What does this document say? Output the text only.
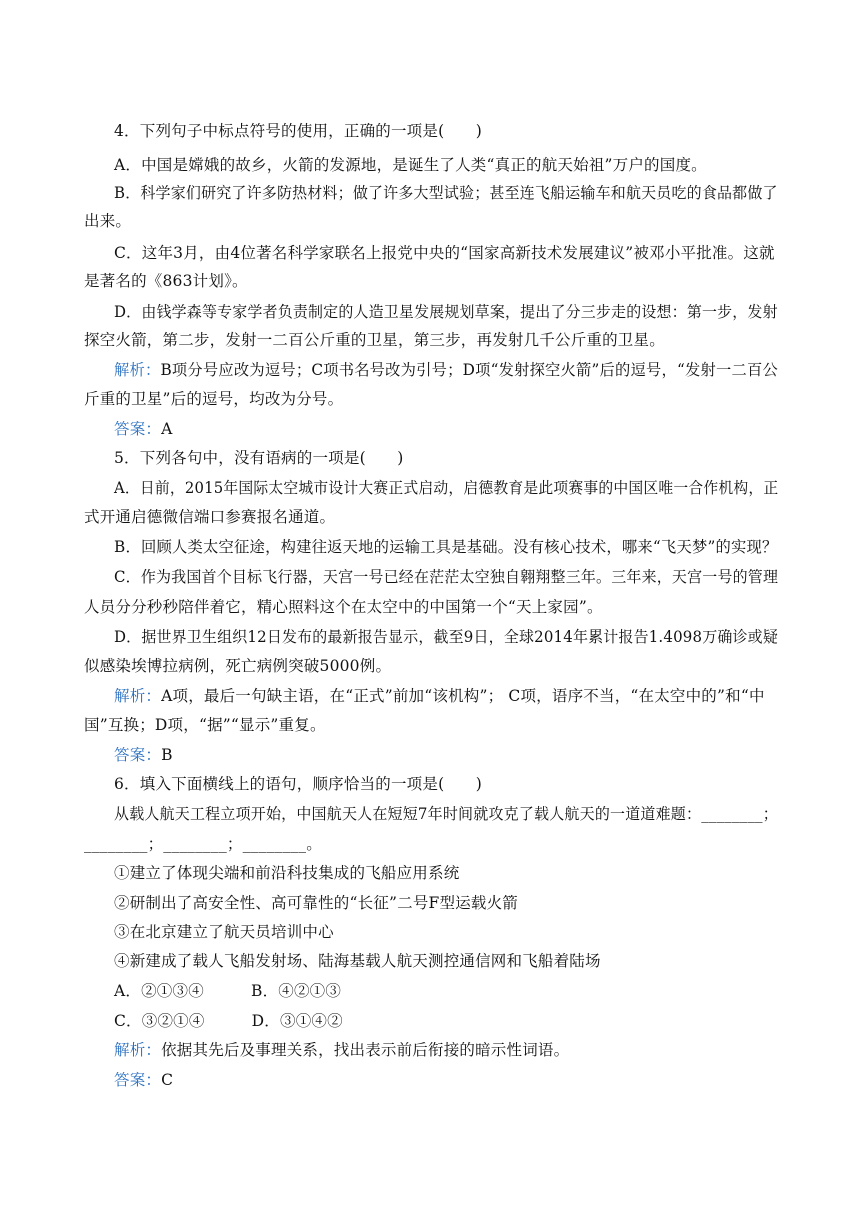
4．下列句子中标点符号的使用，正确的一项是(　　)
A．中国是嫦娥的故乡，火箭的发源地，是诞生了人类“真正的航天始祖”万户的国度。
B．科学家们研究了许多防热材料；做了许多大型试验；甚至连飞船运输车和航天员吃的食品都做了
出来。
C．这年3月，由4位著名科学家联名上报党中央的“国家高新技术发展建议”被邓小平批准。这就
是著名的《863计划》。
D．由钱学森等专家学者负责制定的人造卫星发展规划草案，提出了分三步走的设想：第一步，发射
探空火箭，第二步，发射一二百公斤重的卫星，第三步，再发射几千公斤重的卫星。
解析：B项分号应改为逗号；C项书名号改为引号；D项“发射探空火箭”后的逗号，“发射一二百公
斤重的卫星”后的逗号，均改为分号。
答案：A
5．下列各句中，没有语病的一项是(　　)
A．日前，2015年国际太空城市设计大赛正式启动，启德教育是此项赛事的中国区唯一合作机构，正
式开通启德微信端口参赛报名通道。
B．回顾人类太空征途，构建往返天地的运输工具是基础。没有核心技术，哪来“飞天梦”的实现？
C．作为我国首个目标飞行器，天宫一号已经在茫茫太空独自翱翔整三年。三年来，天宫一号的管理
人员分分秒秒陪伴着它，精心照料这个在太空中的中国第一个“天上家园”。
D．据世界卫生组织12日发布的最新报告显示，截至9日，全球2014年累计报告1.4098万确诊或疑
似感染埃博拉病例，死亡病例突破5000例。
解析：A项，最后一句缺主语，在“正式”前加“该机构”； C项，语序不当，“在太空中的”和“中
国”互换；D项，“据”“显示”重复。
答案：B
6．填入下面横线上的语句，顺序恰当的一项是(　　)
从载人航天工程立项开始，中国航天人在短短7年时间就攻克了载人航天的一道道难题：________；
________；________；________。
①建立了体现尖端和前沿科技集成的飞船应用系统
②研制出了高安全性、高可靠性的“长征”二号F型运载火箭
③在北京建立了航天员培训中心
④新建成了载人飞船发射场、陆海基载人航天测控通信网和飞船着陆场
A．②①③④　　　B．④②①③
C．③②①④　　　D．③①④②
解析：依据其先后及事理关系，找出表示前后衔接的暗示性词语。
答案：C
